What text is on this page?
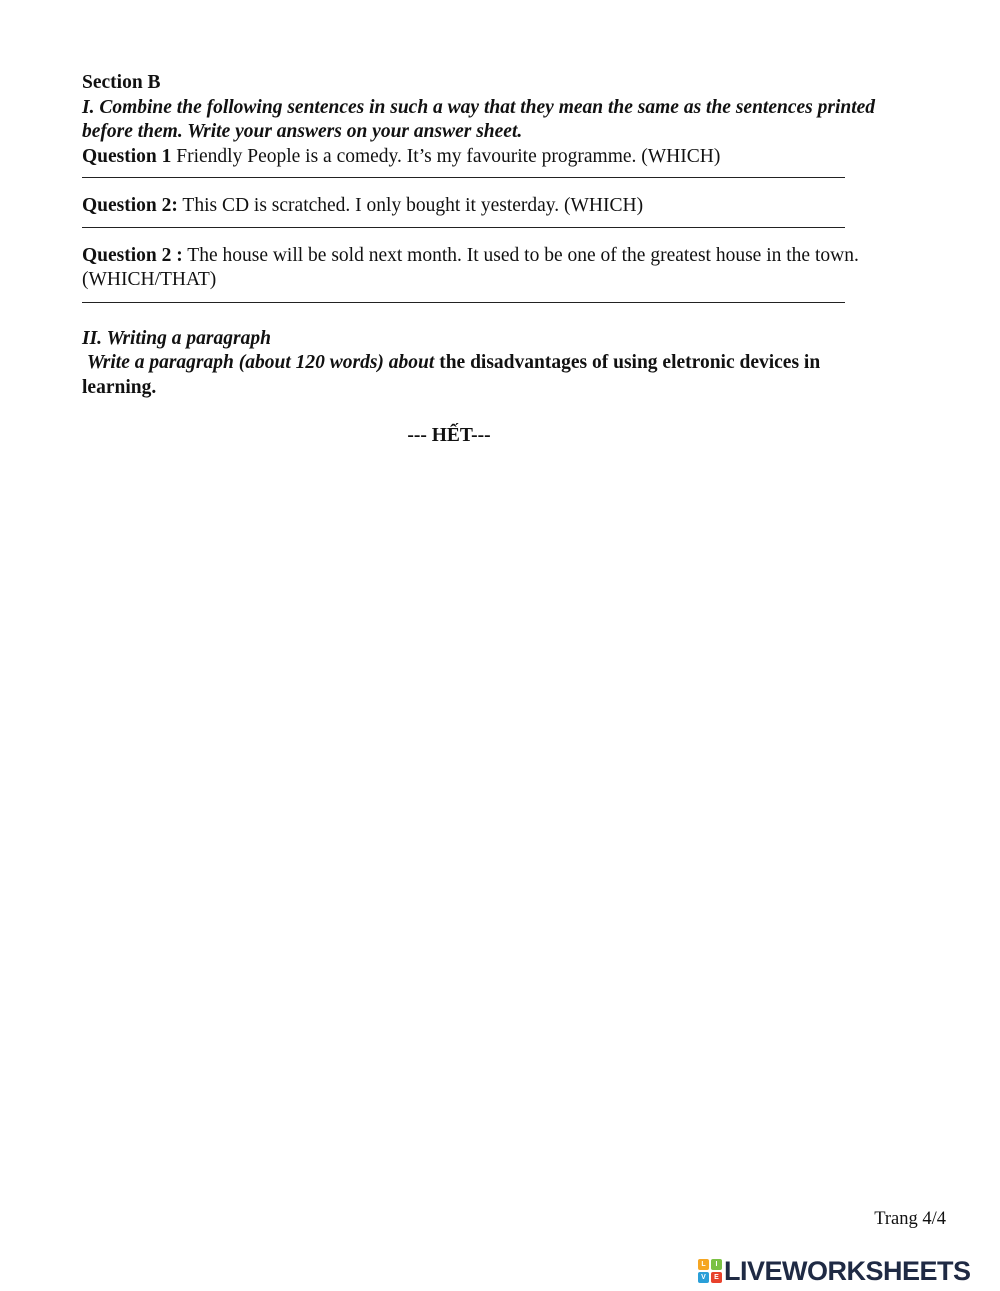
Section B

I. Combine the following sentences in such a way that they mean the same as the sentences printed

before them. Write your answers on your answer sheet.

Question 1 Friendly People is a comedy. It’s my favourite programme. (WHICH)

Question 2: This CD is scratched. I only bought it yesterday. (WHICH)

Question 2 : The house will be sold next month. It used to be one of the greatest house in the town.

(WHICH/THAT)

II. Writing a paragraph

Write a paragraph (about 120 words) about the disadvantages of using eletronic devices in

learning.

--- HẾT---

Trang 4/4
L	I
V	E LIVEWORKSHEETS
